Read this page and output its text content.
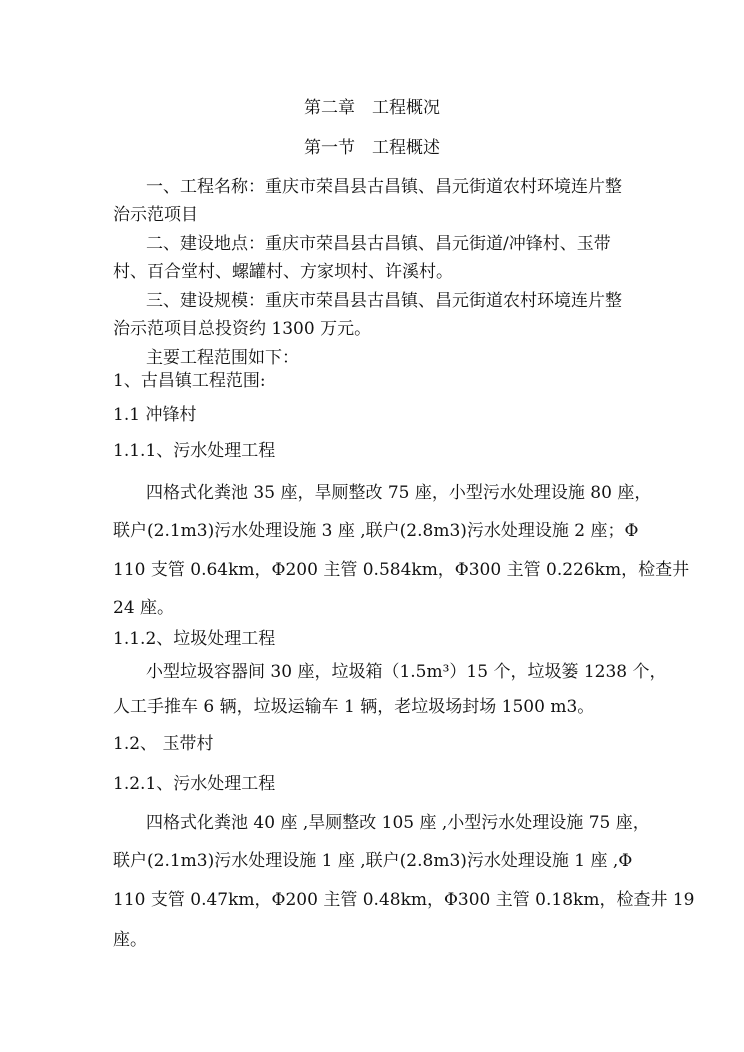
第二章　工程概况
第一节　工程概述
一、工程名称：重庆市荣昌县古昌镇、昌元街道农村环境连片整
治示范项目
二、建设地点：重庆市荣昌县古昌镇、昌元街道/冲锋村、玉带
村、百合堂村、螺罐村、方家坝村、许溪村。
三、建设规模：重庆市荣昌县古昌镇、昌元街道农村环境连片整
治示范项目总投资约 1300 万元。
主要工程范围如下：
1、古昌镇工程范围:
1.1 冲锋村
1.1.1、污水处理工程
四格式化粪池 35 座，旱厕整改 75 座，小型污水处理设施 80 座，
联户(2.1m3)污水处理设施 3 座 ,联户(2.8m3)污水处理设施 2 座；Φ
110 支管 0.64km，Φ200 主管 0.584km，Φ300 主管 0.226km，检查井
24 座。
1.1.2、垃圾处理工程
小型垃圾容器间 30 座，垃圾箱（1.5m³）15 个，垃圾篓 1238 个，
人工手推车 6 辆，垃圾运输车 1 辆，老垃圾场封场 1500 m3。
1.2、 玉带村
1.2.1、污水处理工程
四格式化粪池 40 座 ,旱厕整改 105 座 ,小型污水处理设施 75 座，
联户(2.1m3)污水处理设施 1 座 ,联户(2.8m3)污水处理设施 1 座 ,Φ
110 支管 0.47km，Φ200 主管 0.48km，Φ300 主管 0.18km，检查井 19
座。
